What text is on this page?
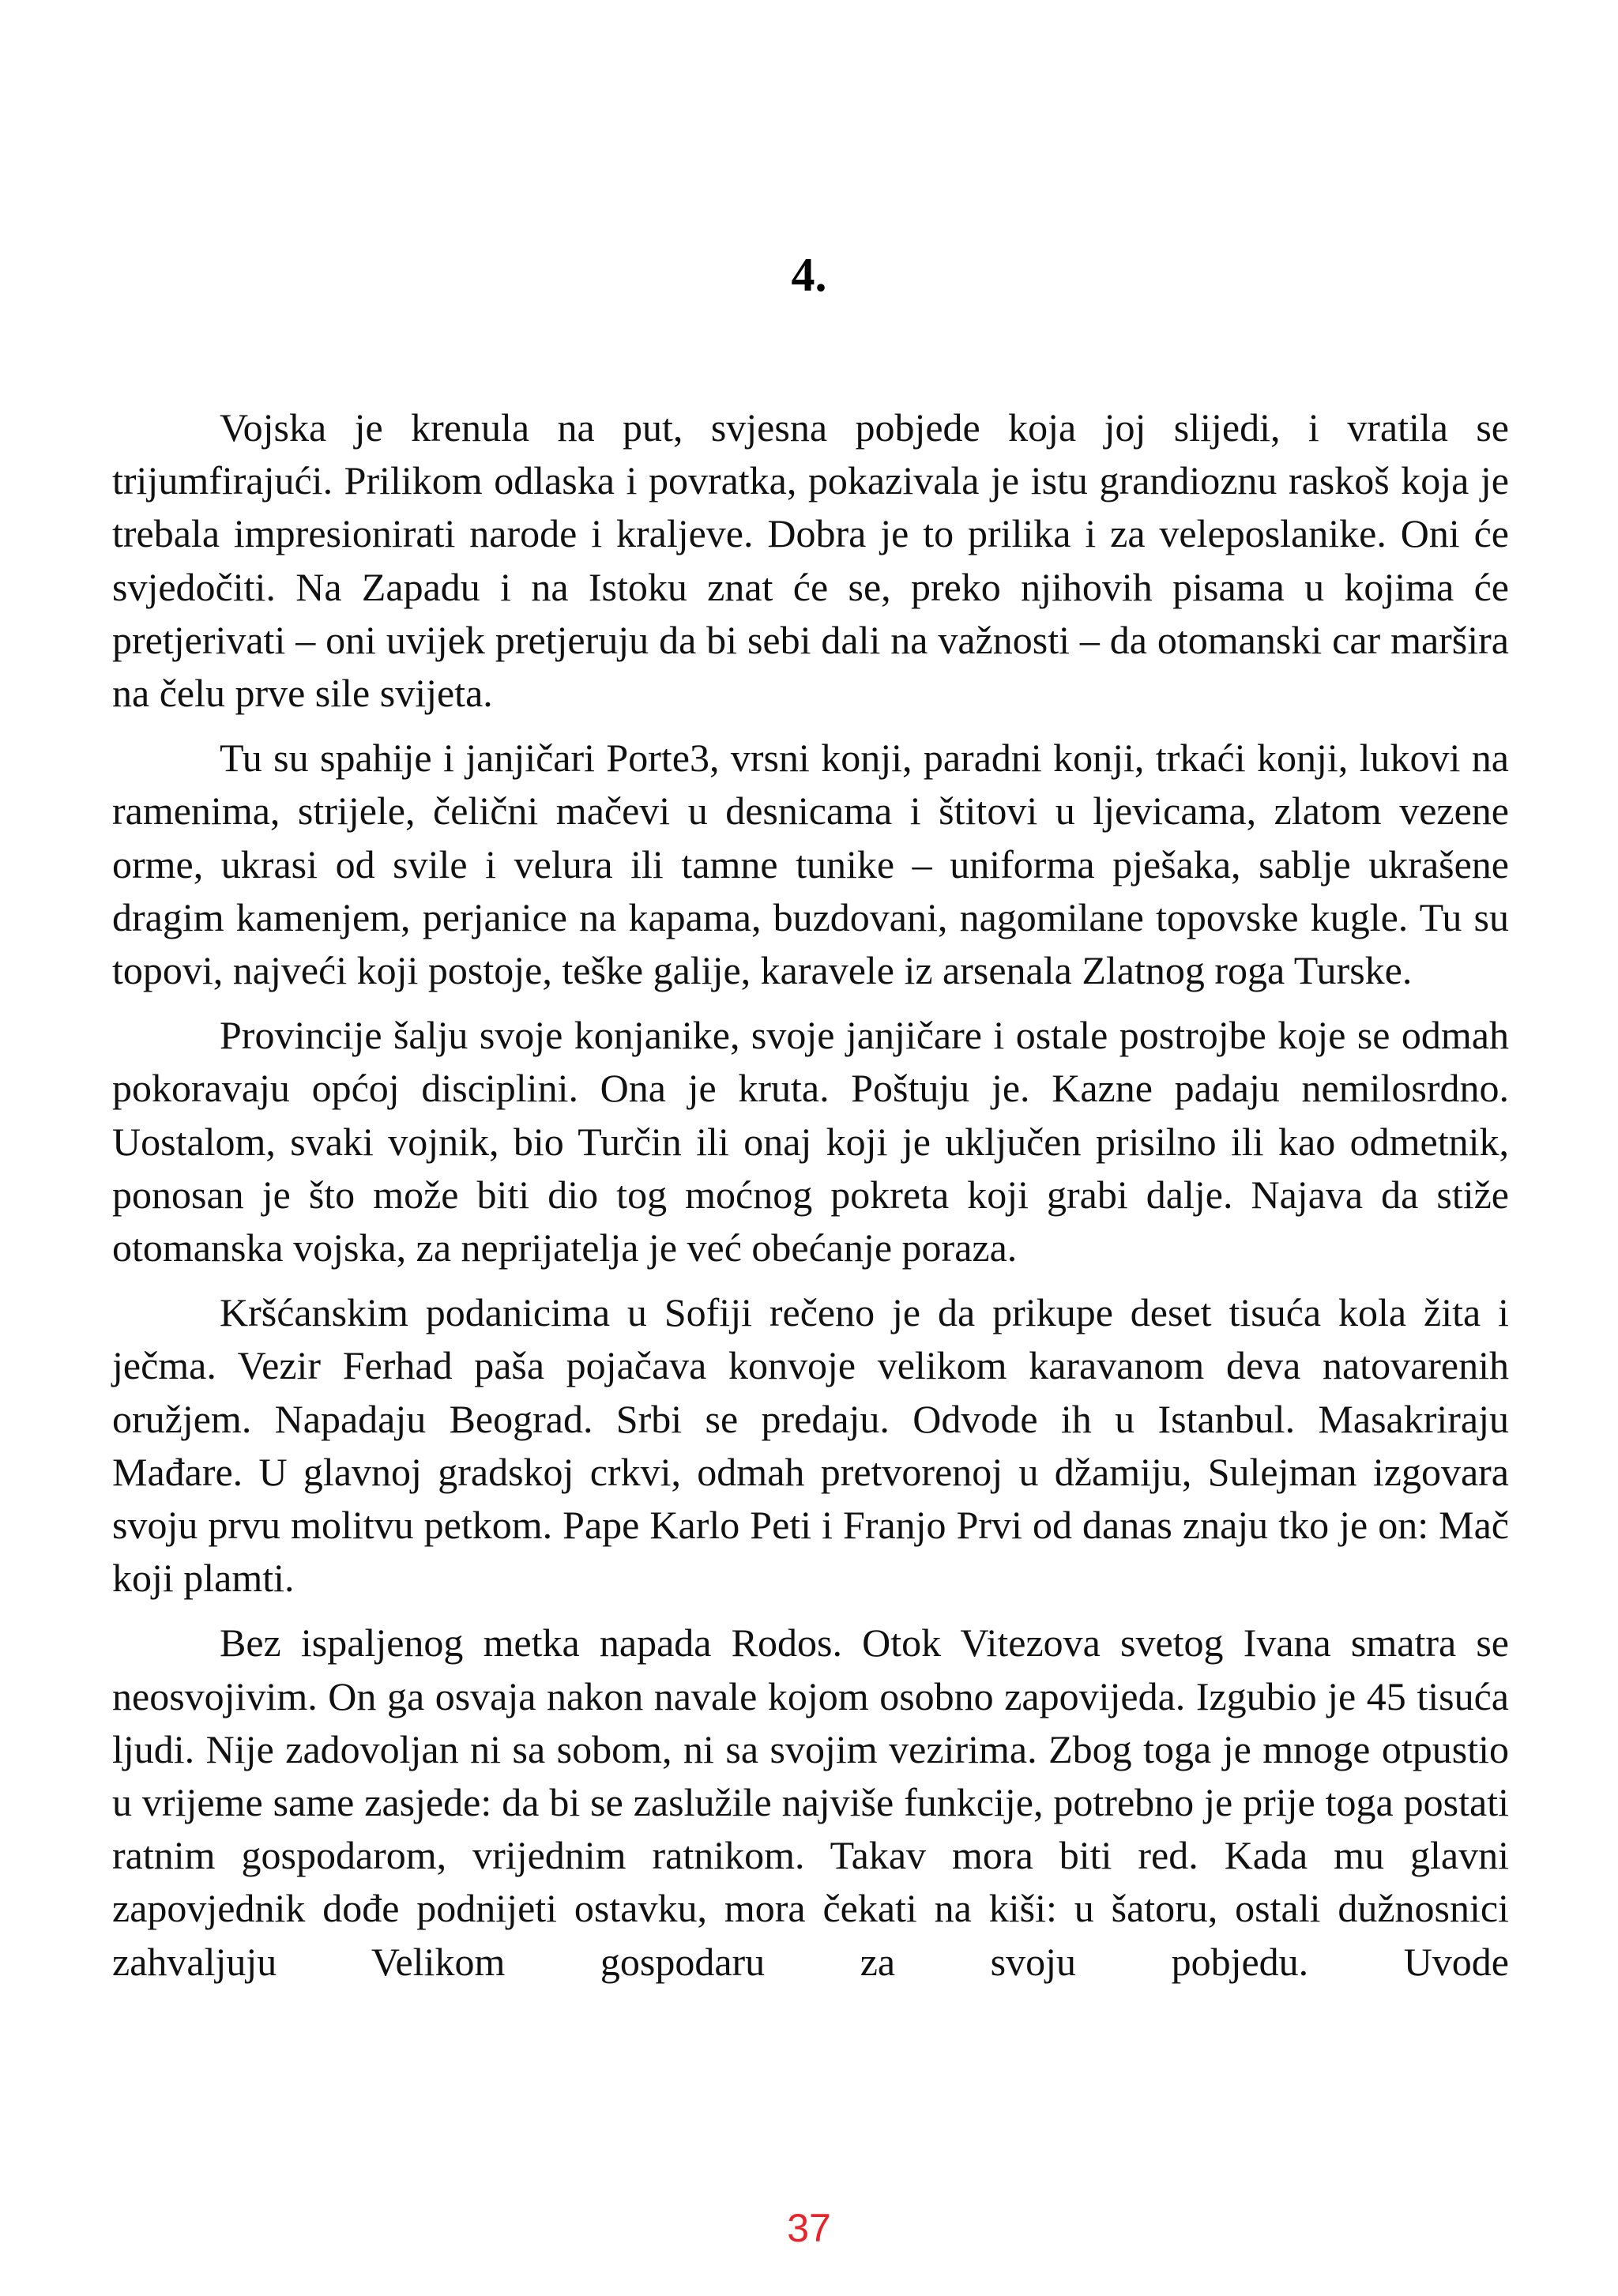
4.

Vojska je krenula na put, svjesna pobjede koja joj slijedi, i vratila se trijumfirajući. Prilikom odlaska i povratka, pokazivala je istu grandioznu raskoš koja je trebala impresionirati narode i kraljeve. Dobra je to prilika i za veleposlanike. Oni će svjedočiti. Na Zapadu i na Istoku znat će se, preko njihovih pisama u kojima će pretjerivati – oni uvijek pretjeruju da bi sebi dali na važnosti – da otomanski car maršira na čelu prve sile svijeta.

Tu su spahije i janjičari Porte3, vrsni konji, paradni konji, trkaći konji, lukovi na ramenima, strijele, čelični mačevi u desnicama i štitovi u ljevicama, zlatom vezene orme, ukrasi od svile i velura ili tamne tunike – uniforma pješaka, sablje ukrašene dragim kamenjem, perjanice na kapama, buzdovani, nagomilane topovske kugle. Tu su topovi, najveći koji postoje, teške galije, karavele iz arsenala Zlatnog roga Turske.

Provincije šalju svoje konjanike, svoje janjičare i ostale postrojbe koje se odmah pokoravaju općoj disciplini. Ona je kruta. Poštuju je. Kazne padaju nemilosrdno. Uostalom, svaki vojnik, bio Turčin ili onaj koji je uključen prisilno ili kao odmetnik, ponosan je što može biti dio tog moćnog pokreta koji grabi dalje. Najava da stiže otomanska vojska, za neprijatelja je već obećanje poraza.

Kršćanskim podanicima u Sofiji rečeno je da prikupe deset tisuća kola žita i ječma. Vezir Ferhad paša pojačava konvoje velikom karavanom deva natovarenih oružjem. Napadaju Beograd. Srbi se predaju. Odvode ih u Istanbul. Masakriraju Mađare. U glavnoj gradskoj crkvi, odmah pretvorenoj u džamiju, Sulejman izgovara svoju prvu molitvu petkom. Pape Karlo Peti i Franjo Prvi od danas znaju tko je on: Mač koji plamti.

Bez ispaljenog metka napada Rodos. Otok Vitezova svetog Ivana smatra se neosvojivim. On ga osvaja nakon navale kojom osobno zapovijeda. Izgubio je 45 tisuća ljudi. Nije zadovoljan ni sa sobom, ni sa svojim vezirima. Zbog toga je mnoge otpustio u vrijeme same zasjede: da bi se zaslužile najviše funkcije, potrebno je prije toga postati ratnim gospodarom, vrijednim ratnikom. Takav mora biti red. Kada mu glavni zapovjednik dođe podnijeti ostavku, mora čekati na kiši: u šatoru, ostali dužnosnici zahvaljuju Velikom gospodaru za svoju pobjedu. Uvode

37
